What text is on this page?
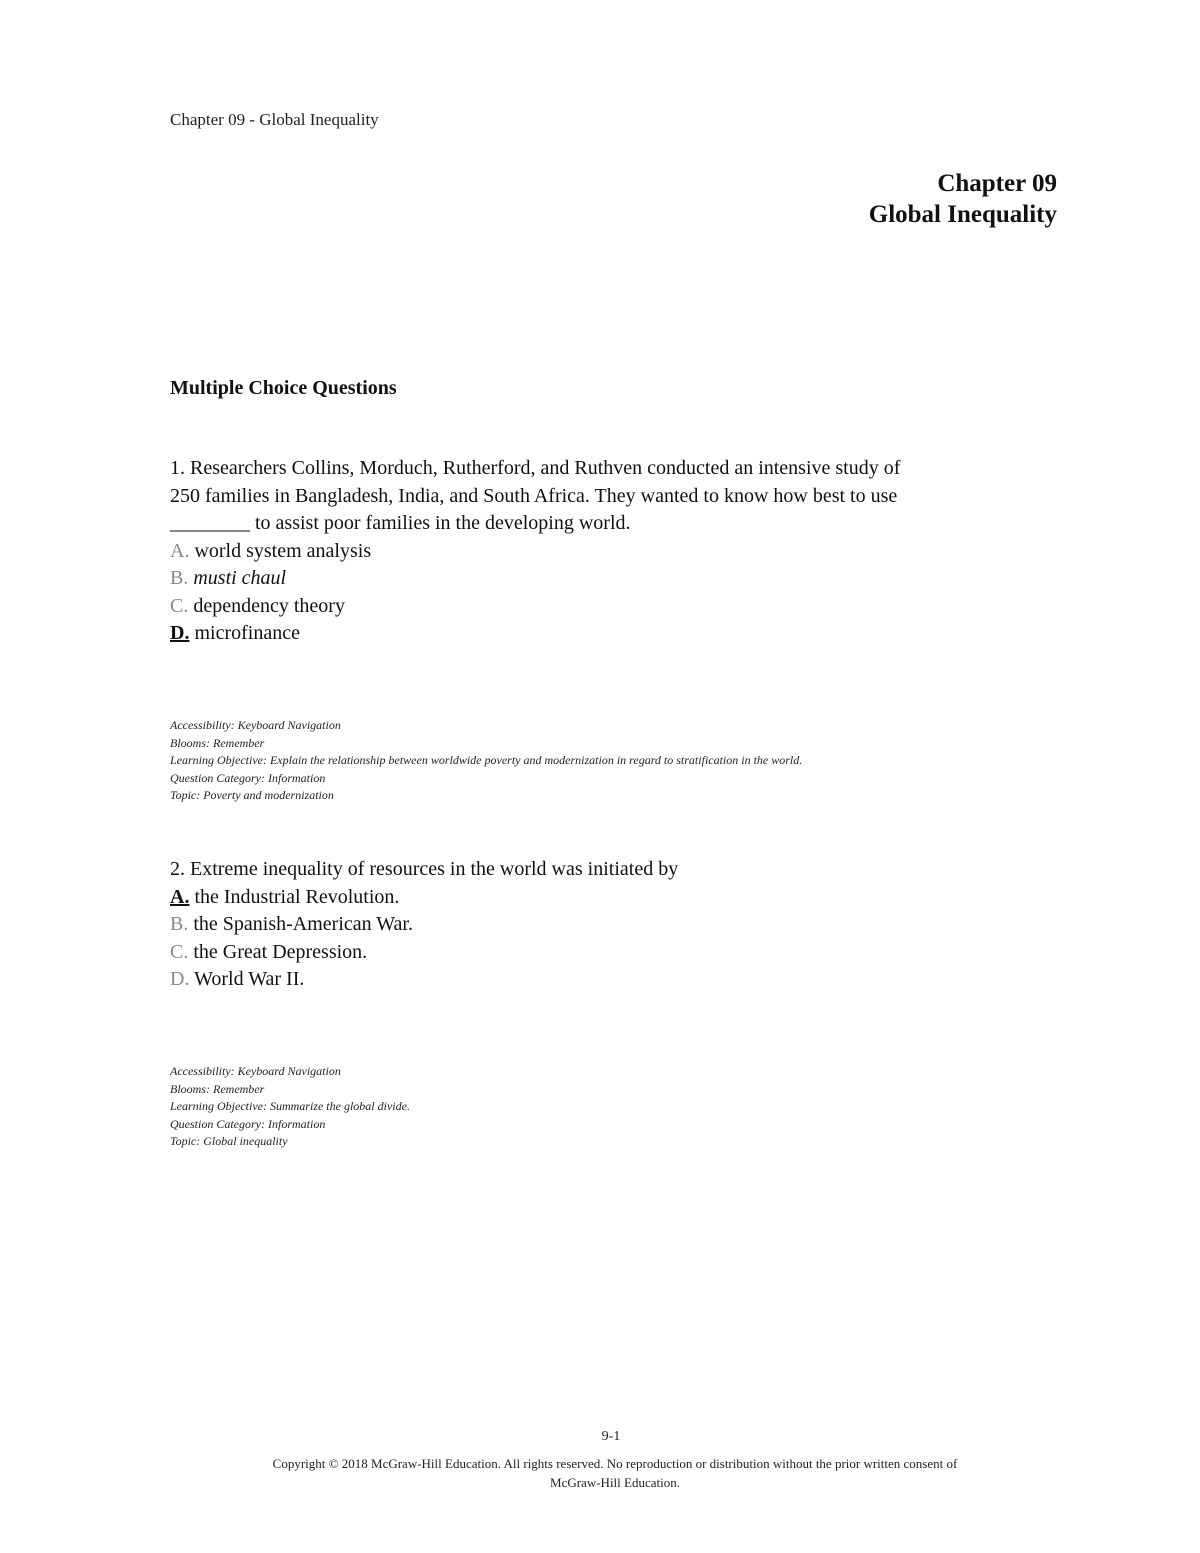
Chapter 09 - Global Inequality
Chapter 09
Global Inequality
Multiple Choice Questions

1. Researchers Collins, Morduch, Rutherford, and Ruthven conducted an intensive study of
250 families in Bangladesh, India, and South Africa. They wanted to know how best to use
________ to assist poor families in the developing world.

A. world system analysis
B. musti chaul
C. dependency theory
D. microfinance
Accessibility: Keyboard Navigation
Blooms: Remember
Learning Objective: Explain the relationship between worldwide poverty and modernization in regard to stratification in the world.
Question Category: Information
Topic: Poverty and modernization

2. Extreme inequality of resources in the world was initiated by

A. the Industrial Revolution.
B. the Spanish-American War.
C. the Great Depression.
D. World War II.
Accessibility: Keyboard Navigation
Blooms: Remember
Learning Objective: Summarize the global divide.
Question Category: Information
Topic: Global inequality
9-1
Copyright © 2018 McGraw-Hill Education. All rights reserved. No reproduction or distribution without the prior written consent of
McGraw-Hill Education.
